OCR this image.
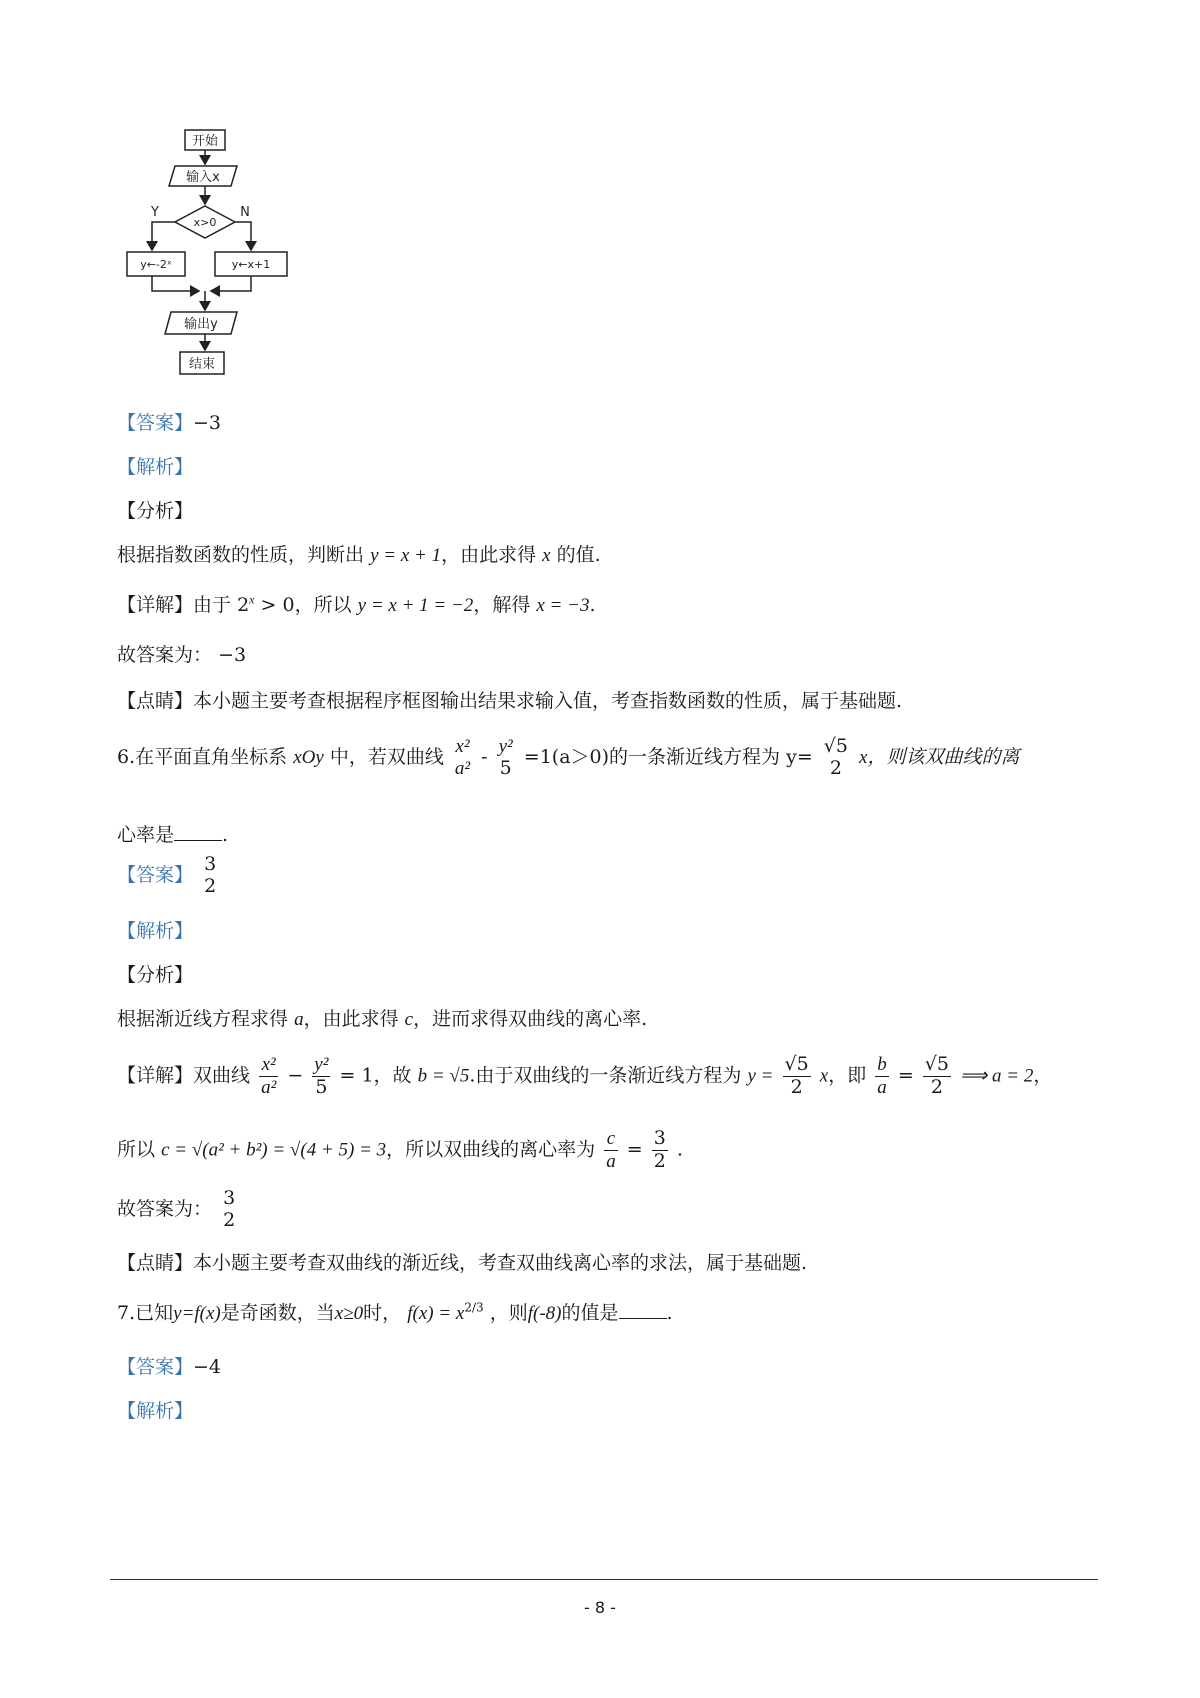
开始
输入x
x>0
Y	N
y←-2ˣ	y←x+1
输出y
结束
【答案】−3
【解析】
【分析】
根据指数函数的性质，判断出 y = x + 1，由此求得 x 的值.
【详解】由于 $2^x > 0$，所以 y = x + 1 = −2，解得 x = −3.
故答案为： −3
【点睛】本小题主要考查根据程序框图输出结果求输入值，考查指数函数的性质，属于基础题.
6.在平面直角坐标系 xOy 中，若双曲线 x²
a²
- y²
5 =1(a＞0)的一条渐近线方程为 y= √5
2 x，则该双曲线的离
心率是	.
【答案】 3
2
【解析】
【分析】
根据渐近线方程求得 a，由此求得 c，进而求得双曲线的离心率.
【详解】双曲线 $\frac{\text{x²}}{\text{a²}} - \frac{\text{y²}}{5} = 1$，故 b = √5.由于双曲线的一条渐近线方程为 $y = \frac{√5}{2}$ x，即 $\frac{b}{a} = \frac{√5}{2}$ ⟹ a = 2，
所以 c = √(a² + b²) = √(4 + 5) = 3，所以双曲线的离心率为 $\frac{c}{a} = \frac{3}{2}$ .
故答案为： 3
2
【点睛】本小题主要考查双曲线的渐近线，考查双曲线离心率的求法，属于基础题.
7.已知y=f(x)是奇函数，当x≥0时， $f(x) = x^{2/3}$ ，则f(-8)的值是	.
【答案】−4
【解析】
- 8 -
